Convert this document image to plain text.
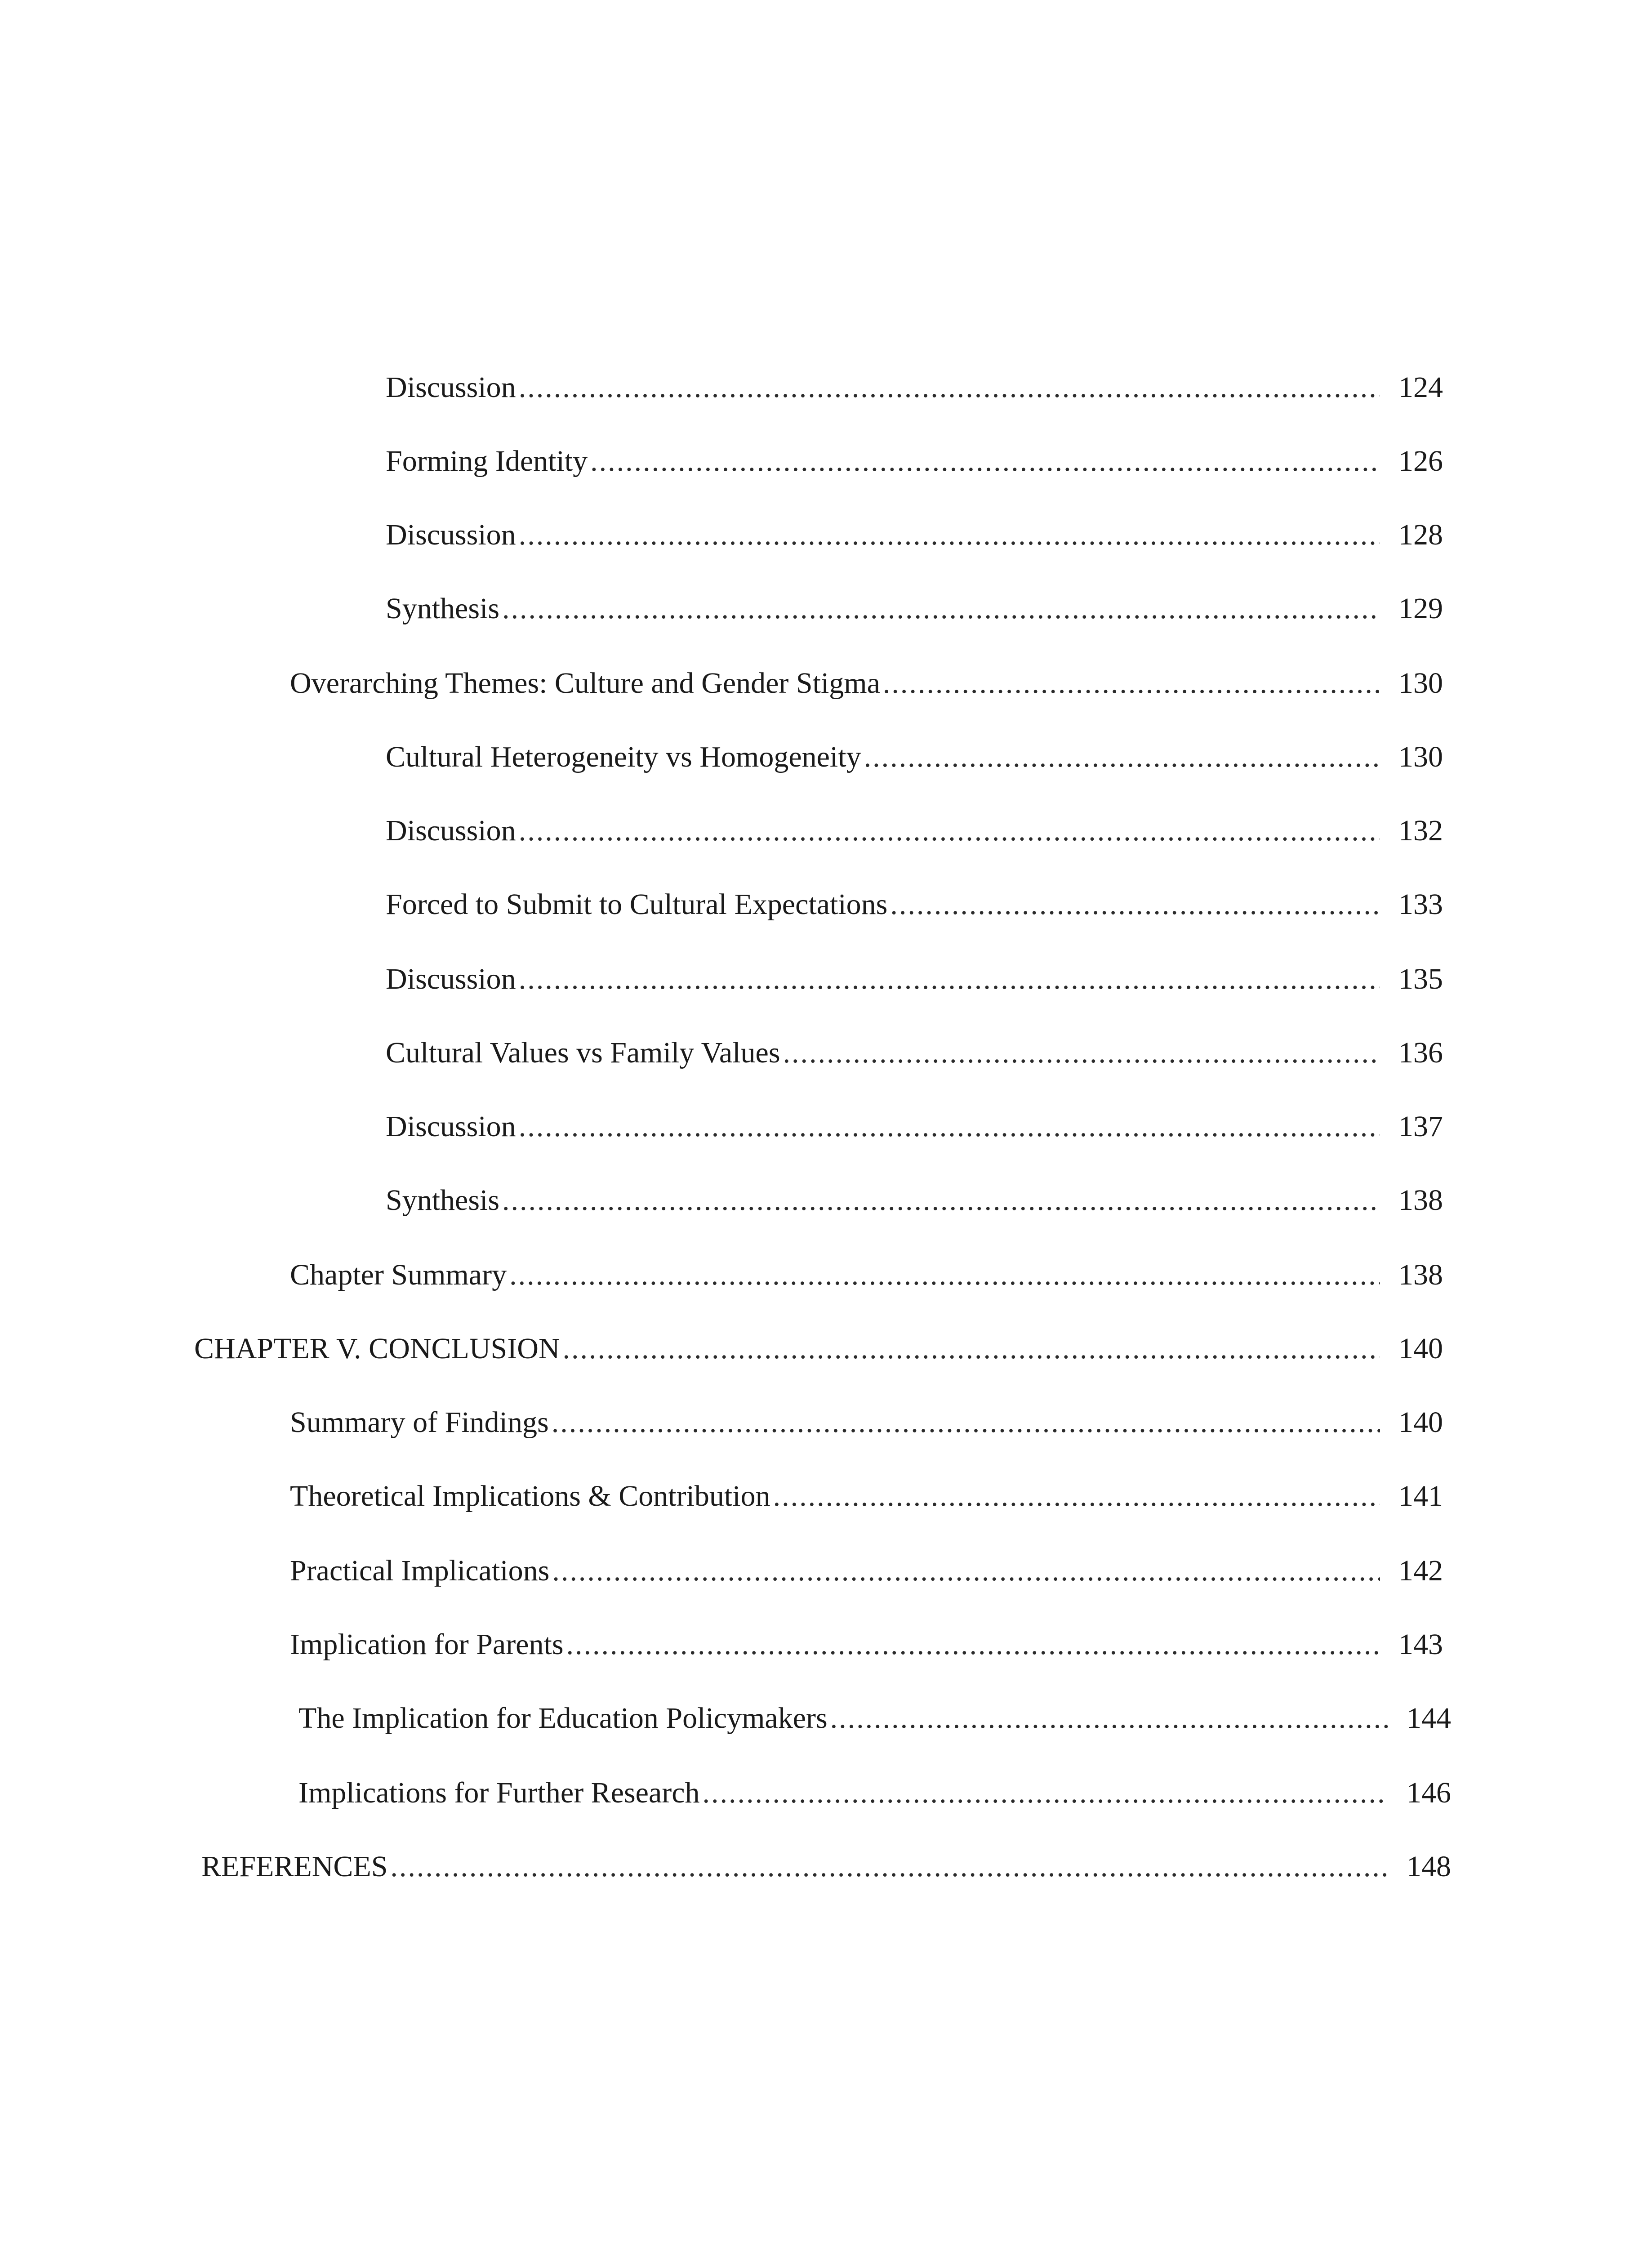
Discussion .....	124
Forming Identity .....	126
Discussion .....	128
Synthesis .....	129
Overarching Themes: Culture and Gender Stigma .....	130
Cultural Heterogeneity vs Homogeneity .....	130
Discussion .....	132
Forced to Submit to Cultural Expectations .....	133
Discussion .....	135
Cultural Values vs Family Values .....	136
Discussion .....	137
Synthesis .....	138
Chapter Summary .....	138
CHAPTER V. CONCLUSION .....	140
Summary of Findings .....	140
Theoretical Implications & Contribution .....	141
Practical Implications .....	142
Implication for Parents .....	143
The Implication for Education Policymakers .....	144
Implications for Further Research .....	146
REFERENCES .....	148
